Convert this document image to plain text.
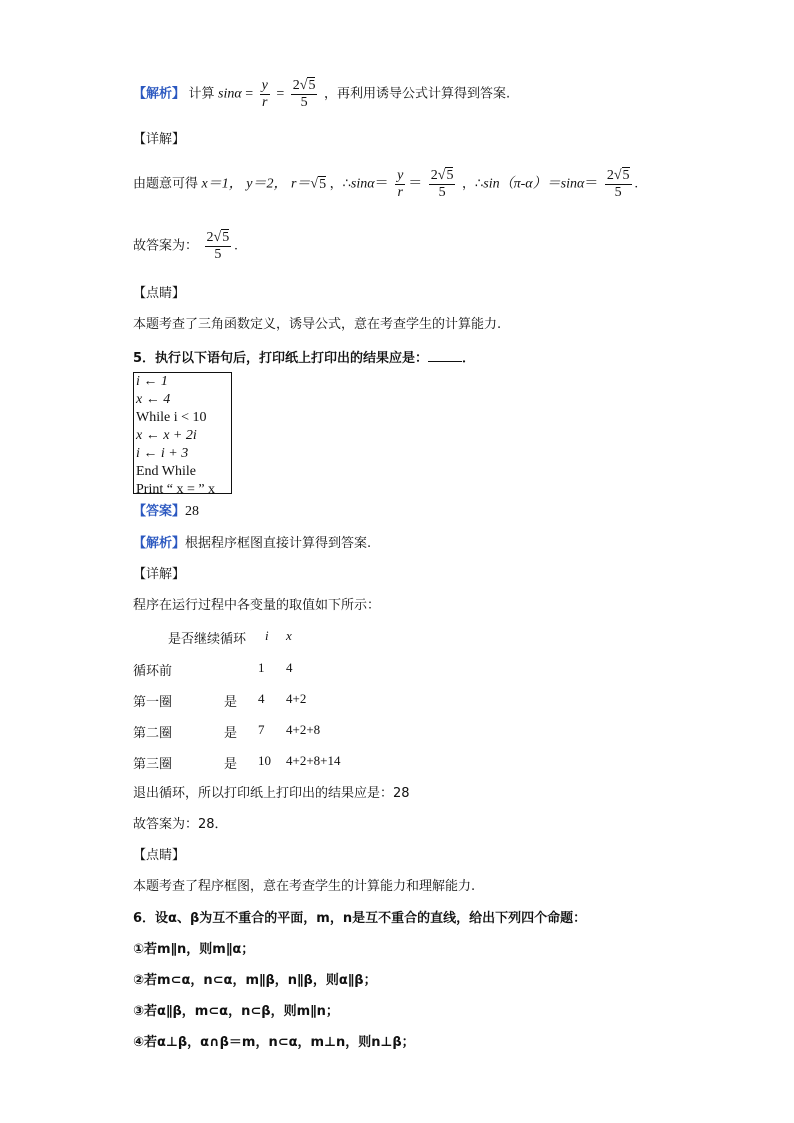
【解析】 计算 $\sin\alpha = \frac{y}{r} = \frac{2√5}{5}$ ，再利用诱导公式计算得到答案.
【详解】
由题意可得 x＝1， y＝2， r＝√5 ，∴sinα＝ $\frac{y}{r} = \frac{2√5}{5}$ ，∴sin（π-α）＝sinα＝ $\frac{2√5}{5}$ .
故答案为： $\frac{2√5}{5}$ .
【点睛】
本题考查了三角函数定义，诱导公式，意在考查学生的计算能力.
5．执行以下语句后，打印纸上打印出的结果应是：	．
i ← 1
x ← 4
While i < 10
x ← x + 2i
i ← i + 3
End While
Print “ x = ” x
【答案】28
【解析】根据程序框图直接计算得到答案.
【详解】
程序在运行过程中各变量的取值如下所示：
是否继续循环 i x
循环前	1 4
第一圈	是 4 4+2
第二圈	是 7 4+2+8
第三圈	是 10 4+2+8+14
退出循环，所以打印纸上打印出的结果应是：28
故答案为：28．
【点睛】
本题考查了程序框图，意在考查学生的计算能力和理解能力.
6．设α、β为互不重合的平面，m，n是互不重合的直线，给出下列四个命题：
①若m∥n，则m∥α；
②若m⊂α，n⊂α，m∥β，n∥β，则α∥β；
③若α∥β，m⊂α，n⊂β，则m∥n；
④若α⊥β，α∩β＝m，n⊂α，m⊥n，则n⊥β；
